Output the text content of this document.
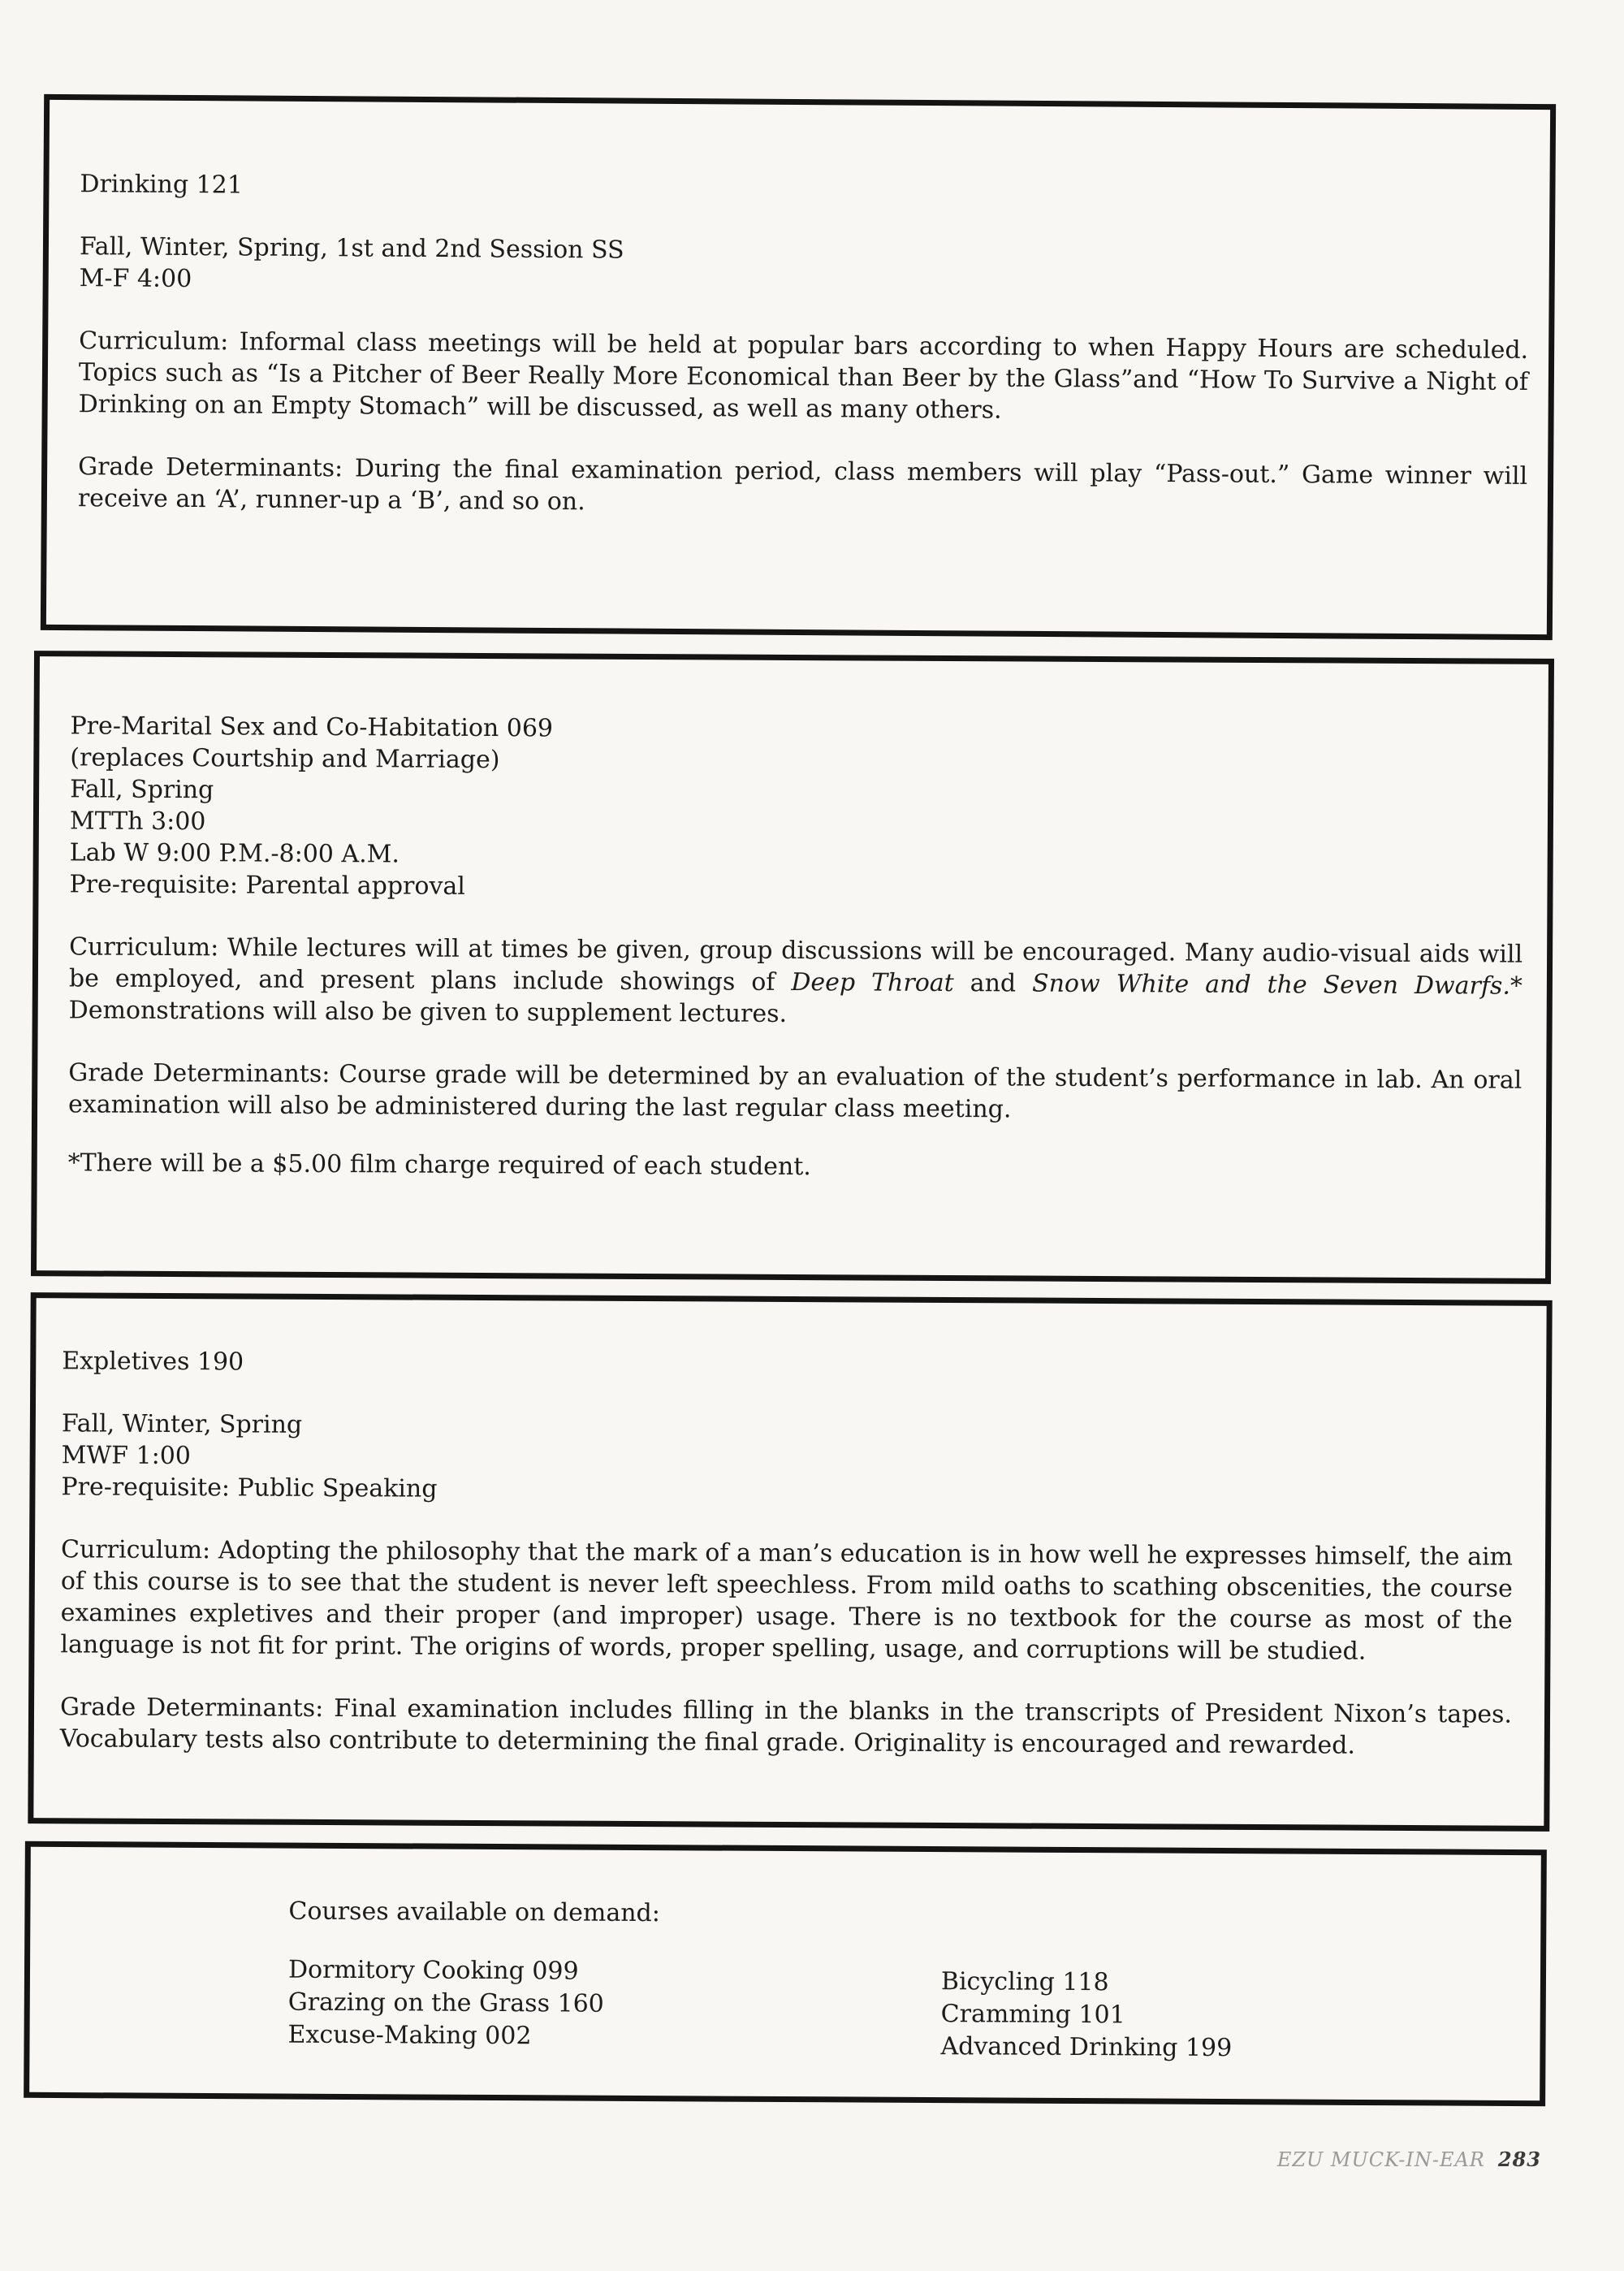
Drinking 121

Fall, Winter, Spring, 1st and 2nd Session SS

M-F 4:00

Curriculum: Informal class meetings will be held at popular bars according to when Happy Hours are scheduled. Topics such as “Is a Pitcher of Beer Really More Economical than Beer by the Glass”and “How To Survive a Night of Drinking on an Empty Stomach” will be discussed, as well as many others.

Grade Determinants: During the final examination period, class members will play “Pass-out.” Game winner will receive an ‘A’, runner-up a ‘B’, and so on.

Pre-Marital Sex and Co-Habitation 069

(replaces Courtship and Marriage)

Fall, Spring

MTTh 3:00

Lab W 9:00 P.M.-8:00 A.M.

Pre-requisite: Parental approval

Curriculum: While lectures will at times be given, group discussions will be encouraged. Many audio-visual aids will be employed, and present plans include showings of Deep Throat and Snow White and the Seven Dwarfs.* Demonstrations will also be given to supplement lectures.

Grade Determinants: Course grade will be determined by an evaluation of the student’s performance in lab. An oral examination will also be administered during the last regular class meeting.

*There will be a $5.00 film charge required of each student.

Expletives 190

Fall, Winter, Spring

MWF 1:00

Pre-requisite: Public Speaking

Curriculum: Adopting the philosophy that the mark of a man’s education is in how well he expresses himself, the aim of this course is to see that the student is never left speechless. From mild oaths to scathing obscenities, the course examines expletives and their proper (and improper) usage. There is no textbook for the course as most of the language is not fit for print. The origins of words, proper spelling, usage, and corruptions will be studied.

Grade Determinants: Final examination includes filling in the blanks in the transcripts of President Nixon’s tapes. Vocabulary tests also contribute to determining the final grade. Originality is encouraged and rewarded.

Courses available on demand:

Dormitory Cooking 099

Grazing on the Grass 160

Excuse-Making 002

Bicycling 118

Cramming 101

Advanced Drinking 199

EZU MUCK-IN-EAR 283
